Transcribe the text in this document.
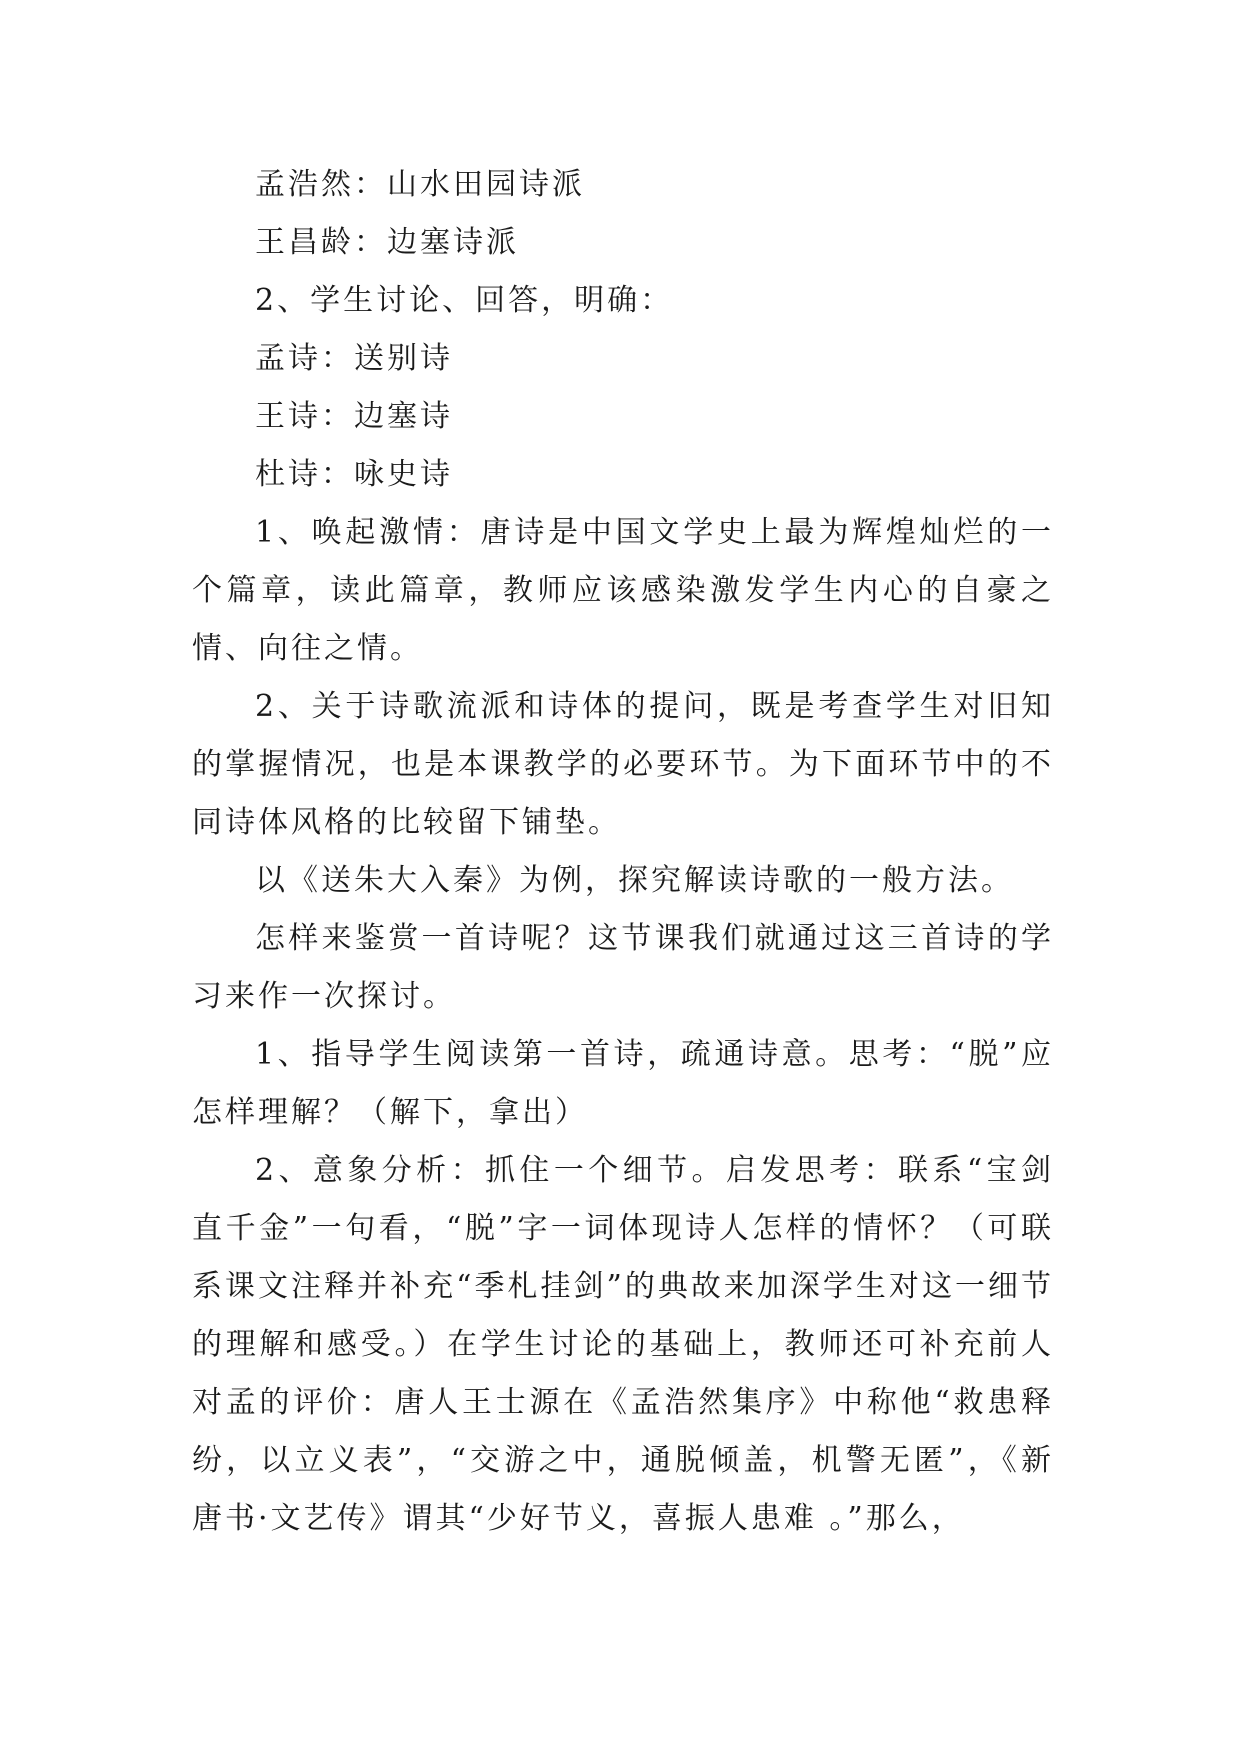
孟浩然：山水田园诗派

王昌龄：边塞诗派

2、学生讨论、回答，明确：

孟诗：送别诗

王诗：边塞诗

杜诗：咏史诗

1、唤起激情：唐诗是中国文学史上最为辉煌灿烂的一个篇章，读此篇章，教师应该感染激发学生内心的自豪之情、向往之情。

2、关于诗歌流派和诗体的提问，既是考查学生对旧知的掌握情况，也是本课教学的必要环节。为下面环节中的不同诗体风格的比较留下铺垫。

以《送朱大入秦》为例，探究解读诗歌的一般方法。

怎样来鉴赏一首诗呢？这节课我们就通过这三首诗的学习来作一次探讨。

1、指导学生阅读第一首诗，疏通诗意。思考：“脱”应怎样理解？（解下，拿出）

2、意象分析：抓住一个细节。启发思考：联系“宝剑直千金”一句看，“脱”字一词体现诗人怎样的情怀？（可联系课文注释并补充“季札挂剑”的典故来加深学生对这一细节的理解和感受。）在学生讨论的基础上，教师还可补充前人对孟的评价：唐人王士源在《孟浩然集序》中称他“救患释纷，以立义表”，“交游之中，通脱倾盖，机警无匿”，《新唐书·文艺传》谓其“少好节义，喜振人患难 。”那么，
